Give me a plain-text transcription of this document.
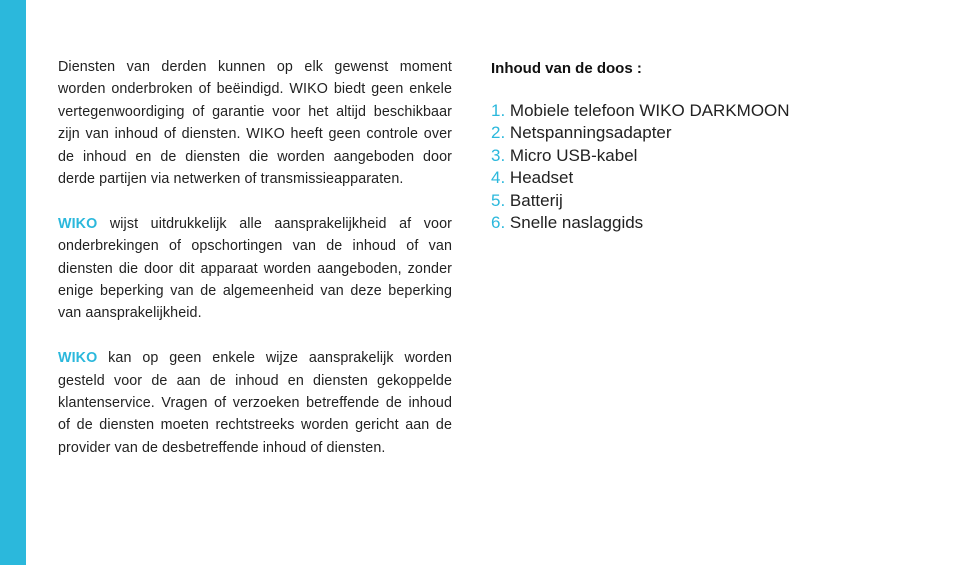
Diensten van derden kunnen op elk gewenst moment worden onderbroken of beëindigd. WIKO biedt geen enkele vertegenwoordiging of garantie voor het altijd beschikbaar zijn van inhoud of diensten. WIKO heeft geen controle over de inhoud en de diensten die worden aangeboden door derde partijen via netwerken of transmissieapparaten.

WIKO wijst uitdrukkelijk alle aansprakelijkheid af voor onderbrekingen of opschortingen van de inhoud of van diensten die door dit apparaat worden aangeboden, zonder enige beperking van de algemeenheid van deze beperking van aansprakelijkheid.

WIKO kan op geen enkele wijze aansprakelijk worden gesteld voor de aan de inhoud en diensten gekoppelde klantenservice. Vragen of verzoeken betreffende de inhoud of de diensten moeten rechtstreeks worden gericht aan de provider van de desbetreffende inhoud of diensten.

Inhoud van de doos :
1. Mobiele telefoon WIKO DARKMOON
2. Netspanningsadapter
3. Micro USB-kabel
4. Headset
5. Batterij
6. Snelle naslaggids
